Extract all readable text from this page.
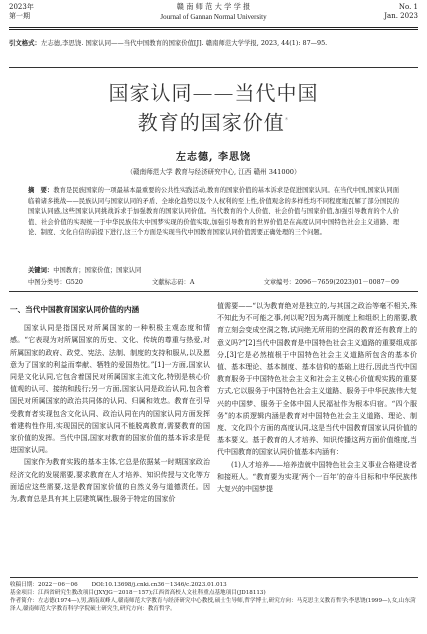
2023年
第一期
赣 南 师 范 大 学 学 报
Journal of Gannan Normal University
No. 1
Jan. 2023
引文格式：左志德,李思饶. 国家认同——当代中国教育的国家价值[J]. 赣南师范大学学报, 2023, 44(1): 87—95.
国家认同——当代中国
教育的国家价值*
左志德, 李思饶
（赣南师范大学 教育与经济研究中心, 江西 赣州 341000）
摘　要：教育是民族国家的一项最基本最重要的公共性实践活动,教育的国家价值的基本诉求是促进国家认同。在当代中国,国家认同面临着诸多挑战——民族认同与国家认同的矛盾、全球化趋势以及个人权利的至上性,价值观念的多样性均不同程度地瓦解了部分国民的国家认同感,这些国家认同挑战诉求于加强教育的国家认同价值。当代教育的个人价值、社会价值与国家价值,加强引导教育的个人价值、社会价值的实现统一于中华民族伟大中国梦实现的价值实取,加强引导教育的世界价值是在高度认同中国特色社会主义道路、理论、制度、文化自信的前提下进行,这三个方面是实现当代中国教育国家认同价值需要正确处理的三个问题。
关键词：中国教育；国家价值；国家认同
中图分类号：G520	文献标志码：A	文章编号：2096－7659(2023)01－0087－09
一、当代中国教育国家认同价值的内涵

国家认同是指国民对所属国家的一种积极主观态度和情感。“它表现为对所属国家的历史、文化、传统的尊重与热爱,对所属国家的政府、政党、宪法、法制、制度的支持和服从,以及愿意为了国家的利益而奉献、牺牲的爱国热忱。”[1]一方面,国家认同是文化认同,它包含着国民对所属国家主流文化,特别是核心价值观的认可、接纳和践行;另一方面,国家认同是政治认同,包含着国民对所属国家的政治共同体的认同、归属和效忠。教育在引导受教育者实现包含文化认同、政治认同在内的国家认同方面发挥着建构性作用,实现国民的国家认同不能脱离教育,需要教育的国家价值的发挥。当代中国,国家对教育的国家价值的基本诉求是促进国家认同。

国家作为教育实践的基本主体,它总是依据某一时期国家政治经济文化的发展需要,要求教育在人才培养、知识传授与文化等方面适应这些需要,这是教育国家价值的自然义务与道德责任。因为,教育总是具有其上层建筑属性,服务于特定的国家价

值需要——“以为教育绝对是独立的,与其国之政治等毫不相关,殊不知此为不可能之事,何以呢?因为离开制度上和组织上的需要,教育立刻会变成空洞之物,试问绝无所用的空洞的教育还有教育上的意义吗?”[2]当代中国教育是中国特色社会主义道路的重要组成部分,[3]它是必然植根于中国特色社会主义道路所包含的基本价值、基本理论、基本制度、基本信仰的基础上进行,因此当代中国教育服务于中国特色社会主义和社会主义核心价值观实践的重要方式,它以服务于中国特色社会主义道路、服务于中华民族伟大复兴的中国梦、服务于全体中国人民福祉作为根本归宿。“四个服务”的本质逻辑内涵是教育对中国特色社会主义道路、理论、制度、文化四个方面的高度认同,这是当代中国教育国家认同价值的基本要义。基于教育的人才培养、知识传播这两方面价值维度,当代中国教育的国家认同价值基本内涵有：

(1)人才培养——培养造就中国特色社会主义事业合格建设者和接班人。“教育要为实现‘两个一百年’的奋斗目标和中华民族伟大复兴的中国梦提

收稿日期：2022－06－06	DOI:10.13698/j.cnki.cn36－1346/c.2023.01.013
基金项目：江西省研究生教改项目(JXYJG－2018－157);江西省高校人文社科重点基地项目(JD18113)
作者简介：左志德(1974—),男,湖南双峰人,赣南师范大学教育与经济研究中心教授,硕士生导师,哲学博士,研究方向：马克思主义教育哲学;李思饶(1999—),女,山东菏泽人,赣南师范大学教育科学学院硕士研究生,研究方向：教育哲学。
